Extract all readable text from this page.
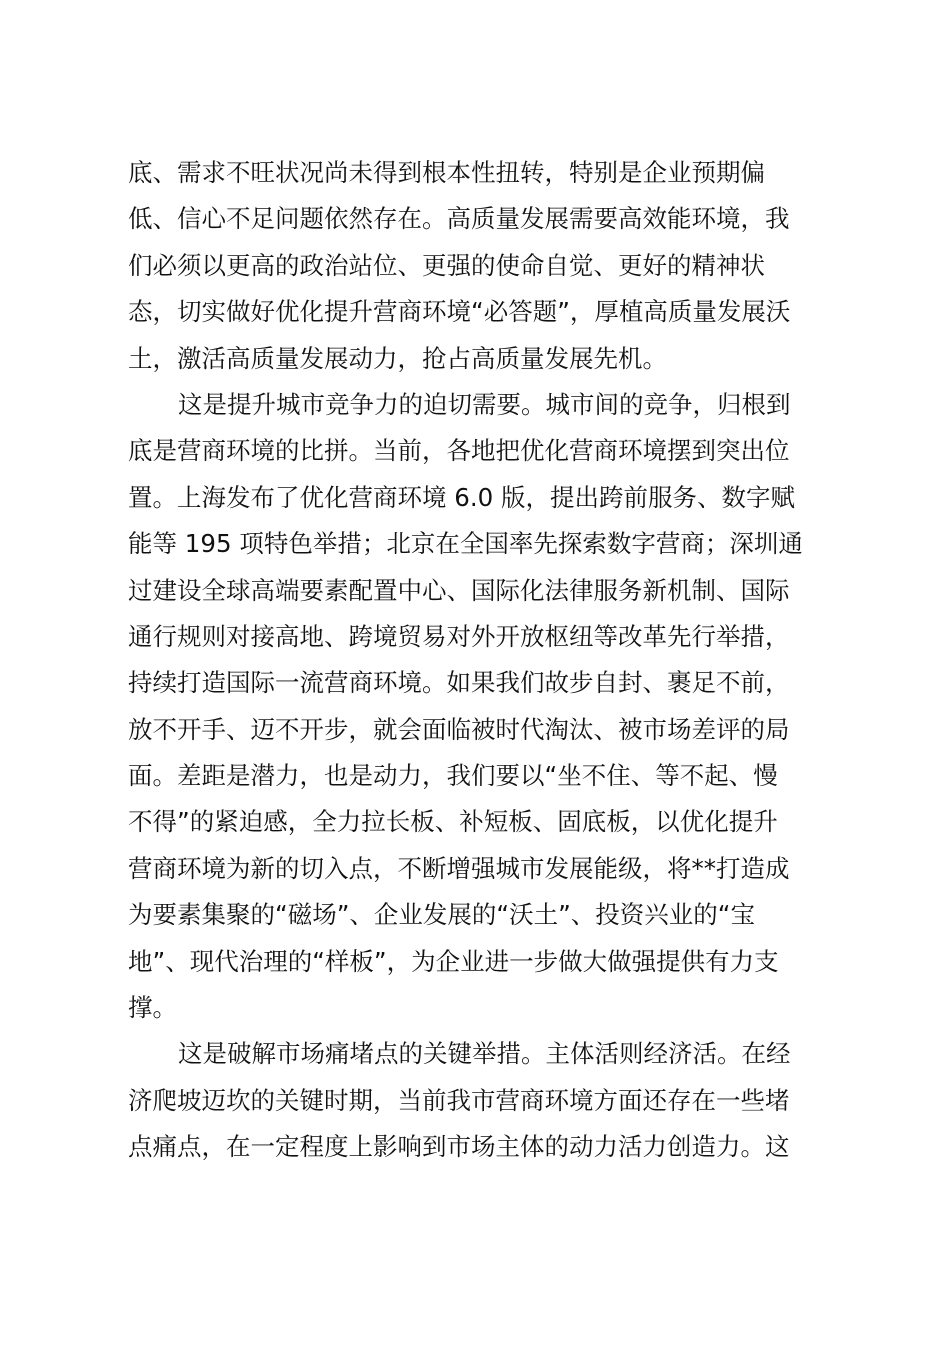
底、需求不旺状况尚未得到根本性扭转，特别是企业预期偏
低、信心不足问题依然存在。高质量发展需要高效能环境，我
们必须以更高的政治站位、更强的使命自觉、更好的精神状
态，切实做好优化提升营商环境“必答题”，厚植高质量发展沃
土，激活高质量发展动力，抢占高质量发展先机。
这是提升城市竞争力的迫切需要。城市间的竞争，归根到
底是营商环境的比拼。当前，各地把优化营商环境摆到突出位
置。上海发布了优化营商环境 6.0 版，提出跨前服务、数字赋
能等 195 项特色举措；北京在全国率先探索数字营商；深圳通
过建设全球高端要素配置中心、国际化法律服务新机制、国际
通行规则对接高地、跨境贸易对外开放枢纽等改革先行举措，
持续打造国际一流营商环境。如果我们故步自封、裹足不前，
放不开手、迈不开步，就会面临被时代淘汰、被市场差评的局
面。差距是潜力，也是动力，我们要以“坐不住、等不起、慢
不得”的紧迫感，全力拉长板、补短板、固底板，以优化提升
营商环境为新的切入点，不断增强城市发展能级，将**打造成
为要素集聚的“磁场”、企业发展的“沃土”、投资兴业的“宝
地”、现代治理的“样板”，为企业进一步做大做强提供有力支
撑。
这是破解市场痛堵点的关键举措。主体活则经济活。在经
济爬坡迈坎的关键时期，当前我市营商环境方面还存在一些堵
点痛点，在一定程度上影响到市场主体的动力活力创造力。这
